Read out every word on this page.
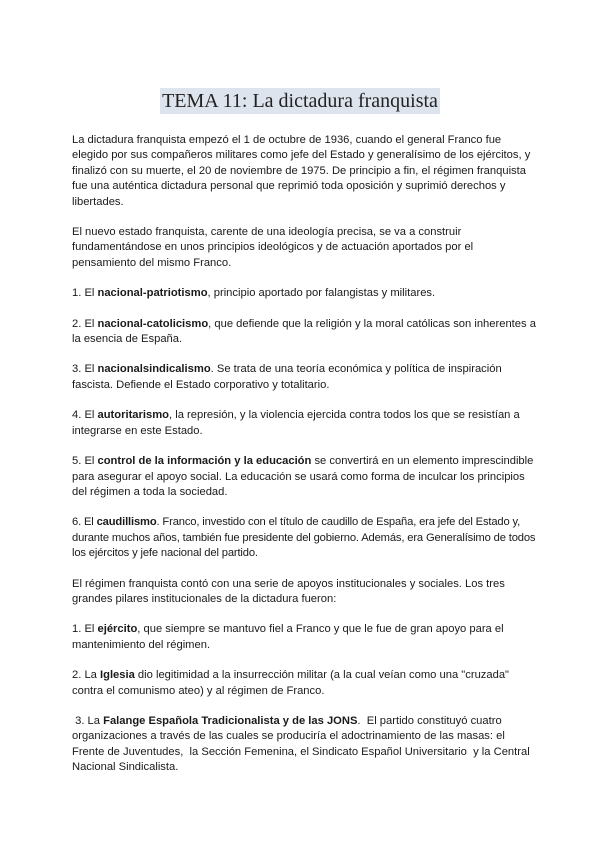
TEMA 11: La dictadura franquista

La dictadura franquista empezó el 1 de octubre de 1936, cuando el general Franco fue elegido por sus compañeros militares como jefe del Estado y generalísimo de los ejércitos, y finalizó con su muerte, el 20 de noviembre de 1975. De principio a fin, el régimen franquista fue una auténtica dictadura personal que reprimió toda oposición y suprimió derechos y libertades.

El nuevo estado franquista, carente de una ideología precisa, se va a construir fundamentándose en unos principios ideológicos y de actuación aportados por el pensamiento del mismo Franco.

1. El nacional-patriotismo, principio aportado por falangistas y militares.

2. El nacional-catolicismo, que defiende que la religión y la moral católicas son inherentes a la esencia de España.

3. El nacionalsindicalismo. Se trata de una teoría económica y política de inspiración fascista. Defiende el Estado corporativo y totalitario.

4. El autoritarismo, la represión, y la violencia ejercida contra todos los que se resistían a integrarse en este Estado.

5. El control de la información y la educación se convertirá en un elemento imprescindible para asegurar el apoyo social. La educación se usará como forma de inculcar los principios del régimen a toda la sociedad.

6. El caudillismo. Franco, investido con el título de caudillo de España, era jefe del Estado y, durante muchos años, también fue presidente del gobierno. Además, era Generalísimo de todos los ejércitos y jefe nacional del partido.

El régimen franquista contó con una serie de apoyos institucionales y sociales. Los tres grandes pilares institucionales de la dictadura fueron:

1. El ejército, que siempre se mantuvo fiel a Franco y que le fue de gran apoyo para el mantenimiento del régimen.

2. La Iglesia dio legitimidad a la insurrección militar (a la cual veían como una "cruzada" contra el comunismo ateo) y al régimen de Franco.

3. La Falange Española Tradicionalista y de las JONS.  El partido constituyó cuatro organizaciones a través de las cuales se produciría el adoctrinamiento de las masas: el Frente de Juventudes,  la Sección Femenina, el Sindicato Español Universitario  y la Central Nacional Sindicalista.
